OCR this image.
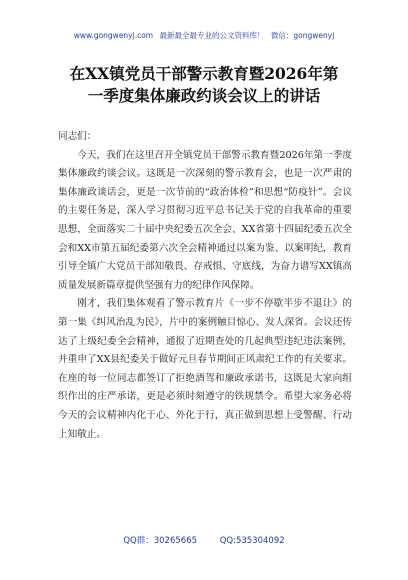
www.gongwenyj.com 最新最全最专业的公文资料库！ 微信：gongwenyj
在XX镇党员干部警示教育暨2026年第
一季度集体廉政约谈会议上的讲话

同志们：

今天，我们在这里召开全镇党员干部警示教育暨2026年第一季度集体廉政约谈会议。这既是一次深刻的警示教育会，也是一次严肃的集体廉政谈话会，更是一次节前的“政治体检”和思想“防疫针”。会议的主要任务是，深入学习贯彻习近平总书记关于党的自我革命的重要思想，全面落实二十届中央纪委五次全会、XX省第十四届纪委五次全会和XX市第五届纪委第六次全会精神通过以案为鉴、以案明纪，教育引导全镇广大党员干部知敬畏、存戒惧、守底线，为奋力谱写XX镇高质量发展新篇章提供坚强有力的纪律作风保障。

刚才，我们集体观看了警示教育片《一步不停歇半步不退让》的第一集《纠风治乱为民》，片中的案例触目惊心、发人深省。会议还传达了上级纪委全会精神，通报了近期查处的几起典型违纪违法案例，并重申了XX县纪委关于做好元旦春节期间正风肃纪工作的有关要求。在座的每一位同志都签订了拒绝酒驾和廉政承诺书，这既是大家向组织作出的庄严承诺，更是必须时刻遵守的铁规禁令。希望大家务必将今天的会议精神内化于心、外化于行，真正做到思想上受警醒、行动上知敬止。

QQ群：30265665	QQ:535304092
